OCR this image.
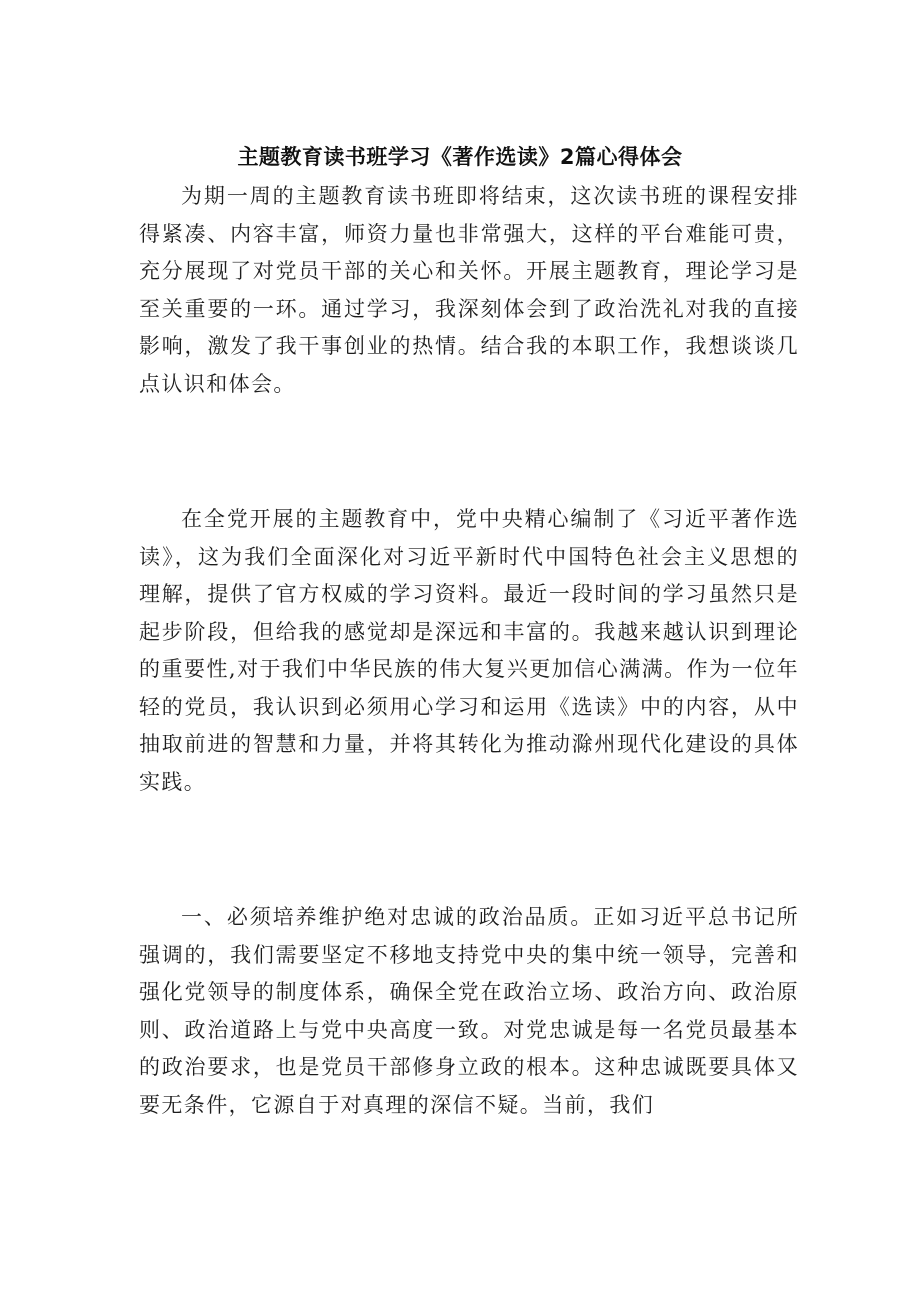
主题教育读书班学习《著作选读》2篇心得体会

为期一周的主题教育读书班即将结束，这次读书班的课程安排得紧凑、内容丰富，师资力量也非常强大，这样的平台难能可贵，充分展现了对党员干部的关心和关怀。开展主题教育，理论学习是至关重要的一环。通过学习，我深刻体会到了政治洗礼对我的直接影响，激发了我干事创业的热情。结合我的本职工作，我想谈谈几点认识和体会。

在全党开展的主题教育中，党中央精心编制了《习近平著作选读》，这为我们全面深化对习近平新时代中国特色社会主义思想的理解，提供了官方权威的学习资料。最近一段时间的学习虽然只是起步阶段，但给我的感觉却是深远和丰富的。我越来越认识到理论的重要性,对于我们中华民族的伟大复兴更加信心满满。作为一位年轻的党员，我认识到必须用心学习和运用《选读》中的内容，从中抽取前进的智慧和力量，并将其转化为推动滁州现代化建设的具体实践。

一、必须培养维护绝对忠诚的政治品质。正如习近平总书记所强调的，我们需要坚定不移地支持党中央的集中统一领导，完善和强化党领导的制度体系，确保全党在政治立场、政治方向、政治原则、政治道路上与党中央高度一致。对党忠诚是每一名党员最基本的政治要求，也是党员干部修身立政的根本。这种忠诚既要具体又要无条件，它源自于对真理的深信不疑。当前，我们
